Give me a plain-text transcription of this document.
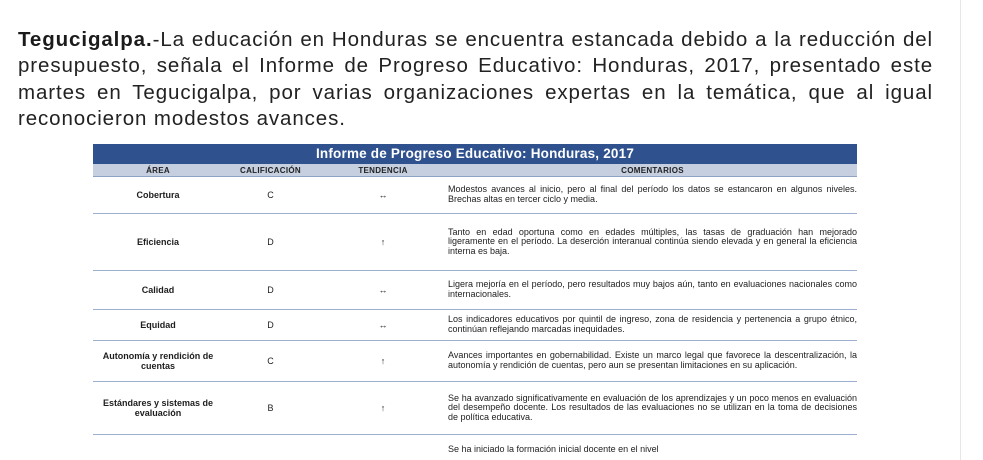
Tegucigalpa.-La educación en Honduras se encuentra estancada debido a la reducción del presupuesto, señala el Informe de Progreso Educativo: Honduras, 2017, presentado este martes en Tegucigalpa, por varias organizaciones expertas en la temática, que al igual reconocieron modestos avances.

Informe de Progreso Educativo: Honduras, 2017
ÁREA	CALIFICACIÓN	TENDENCIA	COMENTARIOS
Cobertura	C	↔	Modestos avances al inicio, pero al final del período los datos se estancaron en algunos niveles. Brechas altas en tercer ciclo y media.
Eficiencia	D	↑	Tanto en edad oportuna como en edades múltiples, las tasas de graduación han mejorado ligeramente en el período. La deserción interanual continúa siendo elevada y en general la eficiencia interna es baja.
Calidad	D	↔	Ligera mejoría en el período, pero resultados muy bajos aún, tanto en evaluaciones nacionales como internacionales.
Equidad	D	↔	Los indicadores educativos por quintil de ingreso, zona de residencia y pertenencia a grupo étnico, continúan reflejando marcadas inequidades.
Autonomía y rendición de cuentas	C	↑	Avances importantes en gobernabilidad. Existe un marco legal que favorece la descentralización, la autonomía y rendición de cuentas, pero aun se presentan limitaciones en su aplicación.
Estándares y sistemas de evaluación	B	↑	Se ha avanzado significativamente en evaluación de los aprendizajes y un poco menos en evaluación del desempeño docente. Los resultados de las evaluaciones no se utilizan en la toma de decisiones de política educativa.
			Se ha iniciado la formación inicial docente en el nivel
